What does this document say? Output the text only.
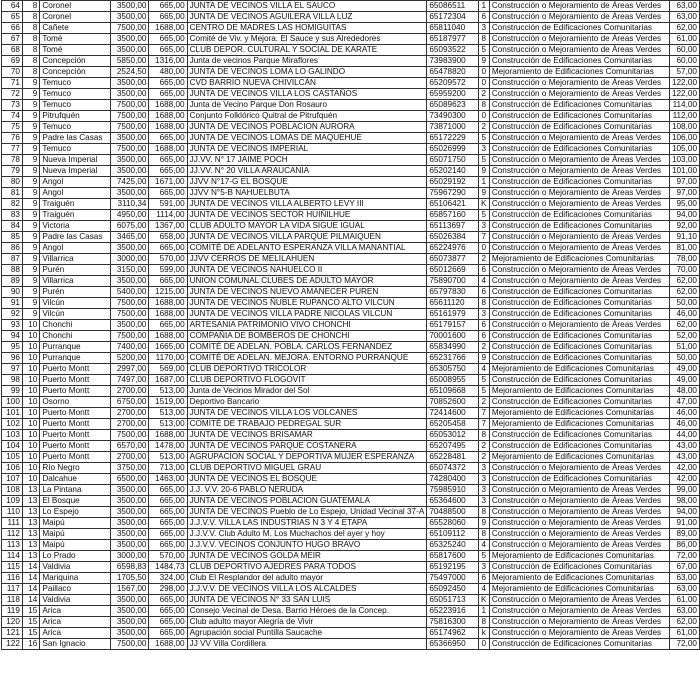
64	8	Coronel	3500,00	665,00	JUNTA DE VECINOS VILLA EL SAUCO	65086511	1	Construcción o Mejoramiento de Áreas Verdes	63,00
65	8	Coronel	3500,00	665,00	JUNTA DE VECINOS AGUILERA VILLA LUZ	65172304	6	Construcción o Mejoramiento de Áreas Verdes	63,00
66	8	Cañete	7500,00	1688,00	CENTRO DE MADRES LAS HOMIGUITAS	65811040	3	Construcción de Edificaciones Comunitarias	62,00
67	8	Tomé	3500,00	665,00	Comité de Viv. y Mejora. El Sauce y sus Alrededores	65187977	8	Construcción o Mejoramiento de Áreas Verdes	61,00
68	8	Tomé	3500,00	665,00	CLUB DEPOR. CULTURAL Y SOCIAL DE KARATE	65093522	5	Construcción o Mejoramiento de Áreas Verdes	60,00
69	8	Concepción	5850,00	1316,00	Junta de vecinos Parque Miraflores	73983900	9	Construcción de Edificaciones Comunitarias	60,00
70	8	Concepción	2524,50	480,00	JUNTA DE VECINOS LOMA LO GALINDO	65478820	0	Mejoramiento de Edificaciones Comunitarias	57,00
71	9	Temuco	3500,00	665,00	CVD BARRIO NUEVA CHIVILCÁN	65209572	0	Construcción o Mejoramiento de Áreas Verdes	122,00
72	9	Temuco	3500,00	665,00	JUNTA DE VECINOS VILLA LOS CASTAÑOS	65959200	2	Construcción o Mejoramiento de Áreas Verdes	122,00
73	9	Temuco	7500,00	1688,00	Junta de Vecino Parque Don Rosauro	65089623	8	Construcción de Edificaciones Comunitarias	114,00
74	9	Pitrufquén	7500,00	1688,00	Conjunto Folklórico Quitral de Pitrufquén	73490300	0	Construcción de Edificaciones Comunitarias	112,00
75	9	Temuco	7500,00	1688,00	JUNTA DE VECINOS POBLACION AURORA	73871000	2	Construcción de Edificaciones Comunitarias	108,00
76	9	Padre las Casas	3500,00	665,00	JUNTA DE VECINOS LOMAS DE MAQUEHUE	65172229	5	Construcción o Mejoramiento de Áreas Verdes	106,00
77	9	Temuco	7500,00	1688,00	JUNTA DE VECINOS IMPERIAL	65026999	3	Construcción de Edificaciones Comunitarias	105,00
78	9	Nueva Imperial	3500,00	665,00	JJ.VV. N° 17 JAIME POCH	65071750	5	Construcción o Mejoramiento de Áreas Verdes	103,00
79	9	Nueva Imperial	3500,00	665,00	JJ.VV. N° 20 VILLA ARAUCANIA	65202140	9	Construcción o Mejoramiento de Áreas Verdes	101,00
80	9	Angol	7425,00	1671,00	JJVV N°17-G EL BOSQUE	65029192	1	Construcción de Edificaciones Comunitarias	97,00
81	9	Angol	3500,00	665,00	JJVV N°5-B NAHUELBUTA	75967290	9	Construcción o Mejoramiento de Áreas Verdes	97,00
82	9	Traiguén	3110,34	591,00	JUNTA DE VECINOS VILLA ALBERTO LEVY III	65106421	K	Construcción o Mejoramiento de Áreas Verdes	95,00
83	9	Traiguén	4950,00	1114,00	JUNTA DE VECINOS SECTOR HUIÑILHUE	65857160	5	Construcción de Edificaciones Comunitarias	94,00
84	9	Victoria	6075,00	1367,00	CLUB ADULTO MAYOR LA VIDA SIGUE IGUAL	65113697	3	Construcción de Edificaciones Comunitarias	92,00
85	9	Padre las Casas	3465,00	658,00	JUNTA DE VECINOS VILLA PARQUE PILMAIQUEN	65026384	7	Construcción o Mejoramiento de Áreas Verdes	91,10
86	9	Angol	3500,00	665,00	COMITÉ DE ADELANTO ESPERANZA VILLA MANANTIAL	65224976	0	Construcción o Mejoramiento de Áreas Verdes	81,00
87	9	Villarrica	3000,00	570,00	JJVV CERROS DE MELILAHUEN	65073877	2	Mejoramiento de Edificaciones Comunitarias	78,00
88	9	Purén	3150,00	599,00	JUNTA DE VECINOS NAHUELCO II	65012669	6	Construcción o Mejoramiento de Áreas Verdes	70,00
89	9	Villarrica	3500,00	665,00	UNION COMUNAL CLUBES DE ADULTO MAYOR	75890700	4	Construcción o Mejoramiento de Áreas Verdes	62,00
90	9	Purén	5400,00	1215,00	JUNTA DE VECINOS NUEVO AMANECER PUREN	65797830	6	Construcción de Edificaciones Comunitarias	62,00
91	9	Vilcún	7500,00	1688,00	JUNTA DE VECINOS ÑUBLE RUPANCO ALTO VILCUN	65611120	8	Construcción de Edificaciones Comunitarias	50,00
92	9	Vilcún	7500,00	1688,00	JUNTA DE VECINOS VILLA PADRE NICOLAS VILCUN	65161979	3	Construcción de Edificaciones Comunitarias	46,00
93	10	Chonchi	3500,00	665,00	ARTESANIA PATRIMONIO VIVO CHONCHI	65179157	6	Construcción o Mejoramiento de Áreas Verdes	62,00
94	10	Chonchi	7500,00	1688,00	COMPAÑIA DE BOMBEROS DE CHONCHI	70001600	6	Construcción de Edificaciones Comunitarias	52,00
95	10	Purranque	7400,00	1665,00	COMITÉ DE ADELAN. POBLA. CARLOS FERNANDEZ	65834990	2	Construcción de Edificaciones Comunitarias	51,00
96	10	Purranque	5200,00	1170,00	COMITÉ DE ADELAN. MEJORA. ENTORNO PURRANQUE	65231766	9	Construcción de Edificaciones Comunitarias	50,00
97	10	Puerto Montt	2997,00	569,00	CLUB DEPORTIVO TRICOLOR	65305750	4	Mejoramiento de Edificaciones Comunitarias	49,00
98	10	Puerto Montt	7497,00	1687,00	CLUB DEPORTIVO FLOGOVIT	65008955	5	Construcción de Edificaciones Comunitarias	49,00
99	10	Puerto Montt	2700,00	513,00	Junta de Vecinos Mirador del Sol	65109668	5	Mejoramiento de Edificaciones Comunitarias	48,00
100	10	Osorno	6750,00	1519,00	Deportivo Bancario	70852600	2	Construcción de Edificaciones Comunitarias	47,00
101	10	Puerto Montt	2700,00	513,00	JUNTA DE VECINOS VILLA LOS VOLCANES	72414600	7	Mejoramiento de Edificaciones Comunitarias	46,00
102	10	Puerto Montt	2700,00	513,00	COMITÉ DE TRABAJO PEDREGAL SUR	65205458	7	Mejoramiento de Edificaciones Comunitarias	46,00
103	10	Puerto Montt	7500,00	1688,00	JUNTA DE VECINOS BRISAMAR	65053012	8	Construcción de Edificaciones Comunitarias	44,00
104	10	Puerto Montt	6570,00	1478,00	JUNTA DE VECINOS PARQUE COSTANERA	65207495	2	Construcción de Edificaciones Comunitarias	43,00
105	10	Puerto Montt	2700,00	513,00	AGRUPACION SOCIAL Y DEPORTIVA MUJER ESPERANZA	65228481	2	Mejoramiento de Edificaciones Comunitarias	43,00
106	10	Río Negro	3750,00	713,00	CLUB DEPORTIVO MIGUEL GRAU	65074372	3	Construcción o Mejoramiento de Áreas Verdes	42,00
107	10	Dalcahue	6500,00	1463,00	JUNTA DE VECINOS EL BOSQUE	74280400	3	Construcción de Edificaciones Comunitarias	42,00
108	13	La Pintana	3500,00	665,00	J.J. V.V. 20-6 PABLO NERUDA	75985910	3	Construcción o Mejoramiento de Áreas Verdes	99,00
109	13	El Bosque	3500,00	665,00	JUNTA DE VECINOS POBLACION GUATEMALA	65364600	3	Construcción o Mejoramiento de Áreas Verdes	98,00
110	13	Lo Espejo	3500,00	665,00	JUNTA DE VECINOS Pueblo de Lo Espejo, Unidad Vecinal 37-A	70488500	8	Construcción o Mejoramiento de Áreas Verdes	94,00
111	13	Maipú	3500,00	665,00	J.J.V.V. VILLA LAS INDUSTRIAS N 3 Y 4 ETAPA	65528060	9	Construcción o Mejoramiento de Áreas Verdes	91,00
112	13	Maipú	3500,00	665,00	J.J.V.V. Club Adulto M. Los Muchachos del ayer y hoy	65109112	8	Construcción o Mejoramiento de Áreas Verdes	89,00
113	13	Maipú	3500,00	665,00	J.J.V.V. VECINOS CONJUNTO HUGO BRAVO	65325240	4	Construcción o Mejoramiento de Áreas Verdes	86,00
114	13	Lo Prado	3000,00	570,00	JUNTA DE VECINOS GOLDA MEIR	65817600	5	Mejoramiento de Edificaciones Comunitarias	72,00
115	14	Valdivia	6598,83	1484,73	CLUB DEPORTIVO AJEDRES PARA TODOS	65192195	3	Construcción de Edificaciones Comunitarias	67,00
116	14	Mariquina	1705,50	324,00	Club El Resplandor del adulto mayor	75497000	6	Mejoramiento de Edificaciones Comunitarias	63,00
117	14	Paillaco	1567,00	298,00	J.J.V.V. DE VECINOS VILLA LOS ALCALDES	65092450	4	Mejoramiento de Edificaciones Comunitarias	63,00
118	14	Valdivia	3500,00	665,00	JUNTA DE VECINOS N° 33 SAN LUIS	65051713	K	Construcción o Mejoramiento de Áreas Verdes	61,00
119	15	Arica	3500,00	665,00	Consejo Vecinal de Desa. Barrio Héroes de la Concep.	65223916	1	Construcción o Mejoramiento de Áreas Verdes	63,00
120	15	Arica	3500,00	665,00	Club adulto mayor Alegría de Vivir	75816300	8	Construcción o Mejoramiento de Áreas Verdes	62,00
121	15	Arica	3500,00	665,00	Agrupación social Puntilla Saucache	65174962	k	Construcción o Mejoramiento de Áreas Verdes	61,00
122	16	San Ignacio	7500,00	1688,00	JJ VV Villa Cordillera	65366950	0	Construcción de Edificaciones Comunitarias	72,00
